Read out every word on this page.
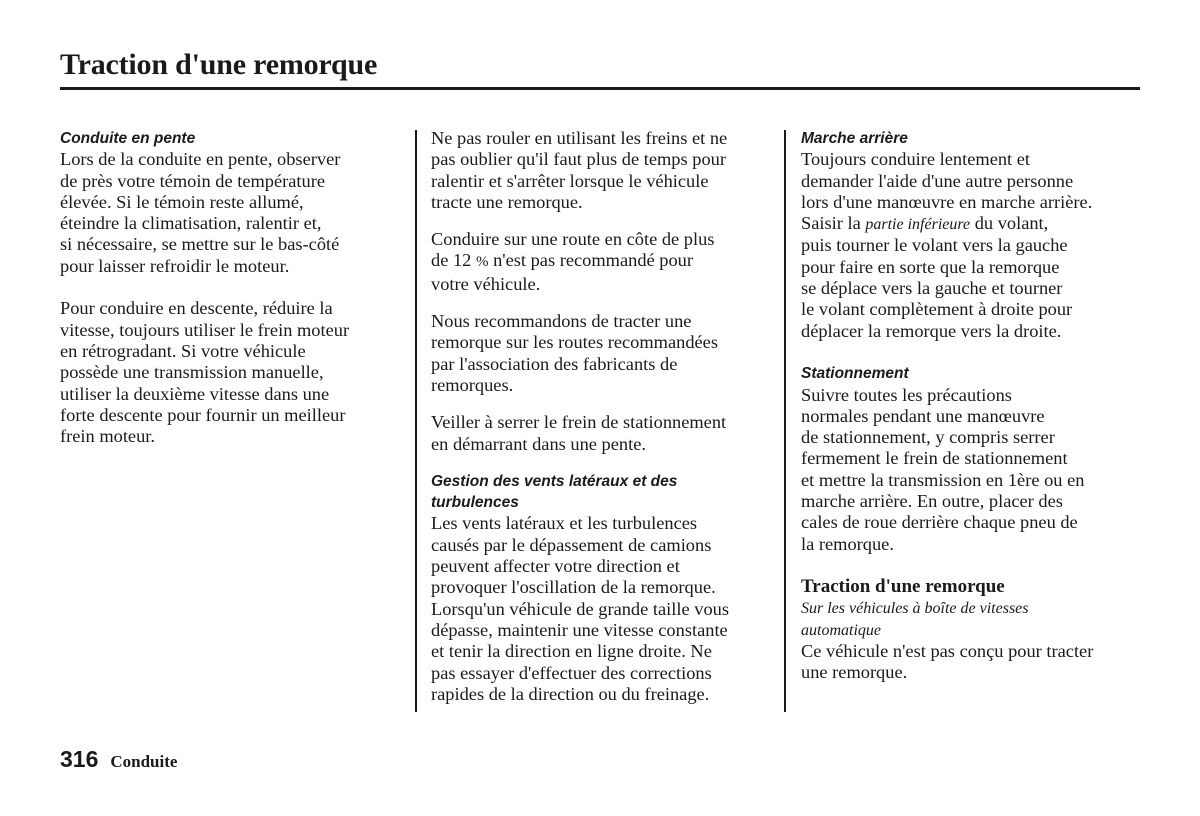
Traction d'une remorque
Conduite en pente

Lors de la conduite en pente, observer
de près votre témoin de température
élevée. Si le témoin reste allumé,
éteindre la climatisation, ralentir et,
si nécessaire, se mettre sur le bas-côté
pour laisser refroidir le moteur.

Pour conduire en descente, réduire la
vitesse, toujours utiliser le frein moteur
en rétrogradant. Si votre véhicule
possède une transmission manuelle,
utiliser la deuxième vitesse dans une
forte descente pour fournir un meilleur
frein moteur.

Ne pas rouler en utilisant les freins et ne
pas oublier qu'il faut plus de temps pour
ralentir et s'arrêter lorsque le véhicule
tracte une remorque.

Conduire sur une route en côte de plus
de 12 % n'est pas recommandé pour
votre véhicule.

Nous recommandons de tracter une
remorque sur les routes recommandées
par l'association des fabricants de
remorques.

Veiller à serrer le frein de stationnement
en démarrant dans une pente.

Gestion des vents latéraux et des
turbulences

Les vents latéraux et les turbulences
causés par le dépassement de camions
peuvent affecter votre direction et
provoquer l'oscillation de la remorque.
Lorsqu'un véhicule de grande taille vous
dépasse, maintenir une vitesse constante
et tenir la direction en ligne droite. Ne
pas essayer d'effectuer des corrections
rapides de la direction ou du freinage.

Marche arrière

Toujours conduire lentement et
demander l'aide d'une autre personne
lors d'une manœuvre en marche arrière.
Saisir la partie inférieure du volant,
puis tourner le volant vers la gauche
pour faire en sorte que la remorque
se déplace vers la gauche et tourner
le volant complètement à droite pour
déplacer la remorque vers la droite.

Stationnement

Suivre toutes les précautions
normales pendant une manœuvre
de stationnement, y compris serrer
fermement le frein de stationnement
et mettre la transmission en 1ère ou en
marche arrière. En outre, placer des
cales de roue derrière chaque pneu de
la remorque.

Traction d'une remorque

Sur les véhicules à boîte de vitesses
automatique

Ce véhicule n'est pas conçu pour tracter
une remorque.

316 Conduite
